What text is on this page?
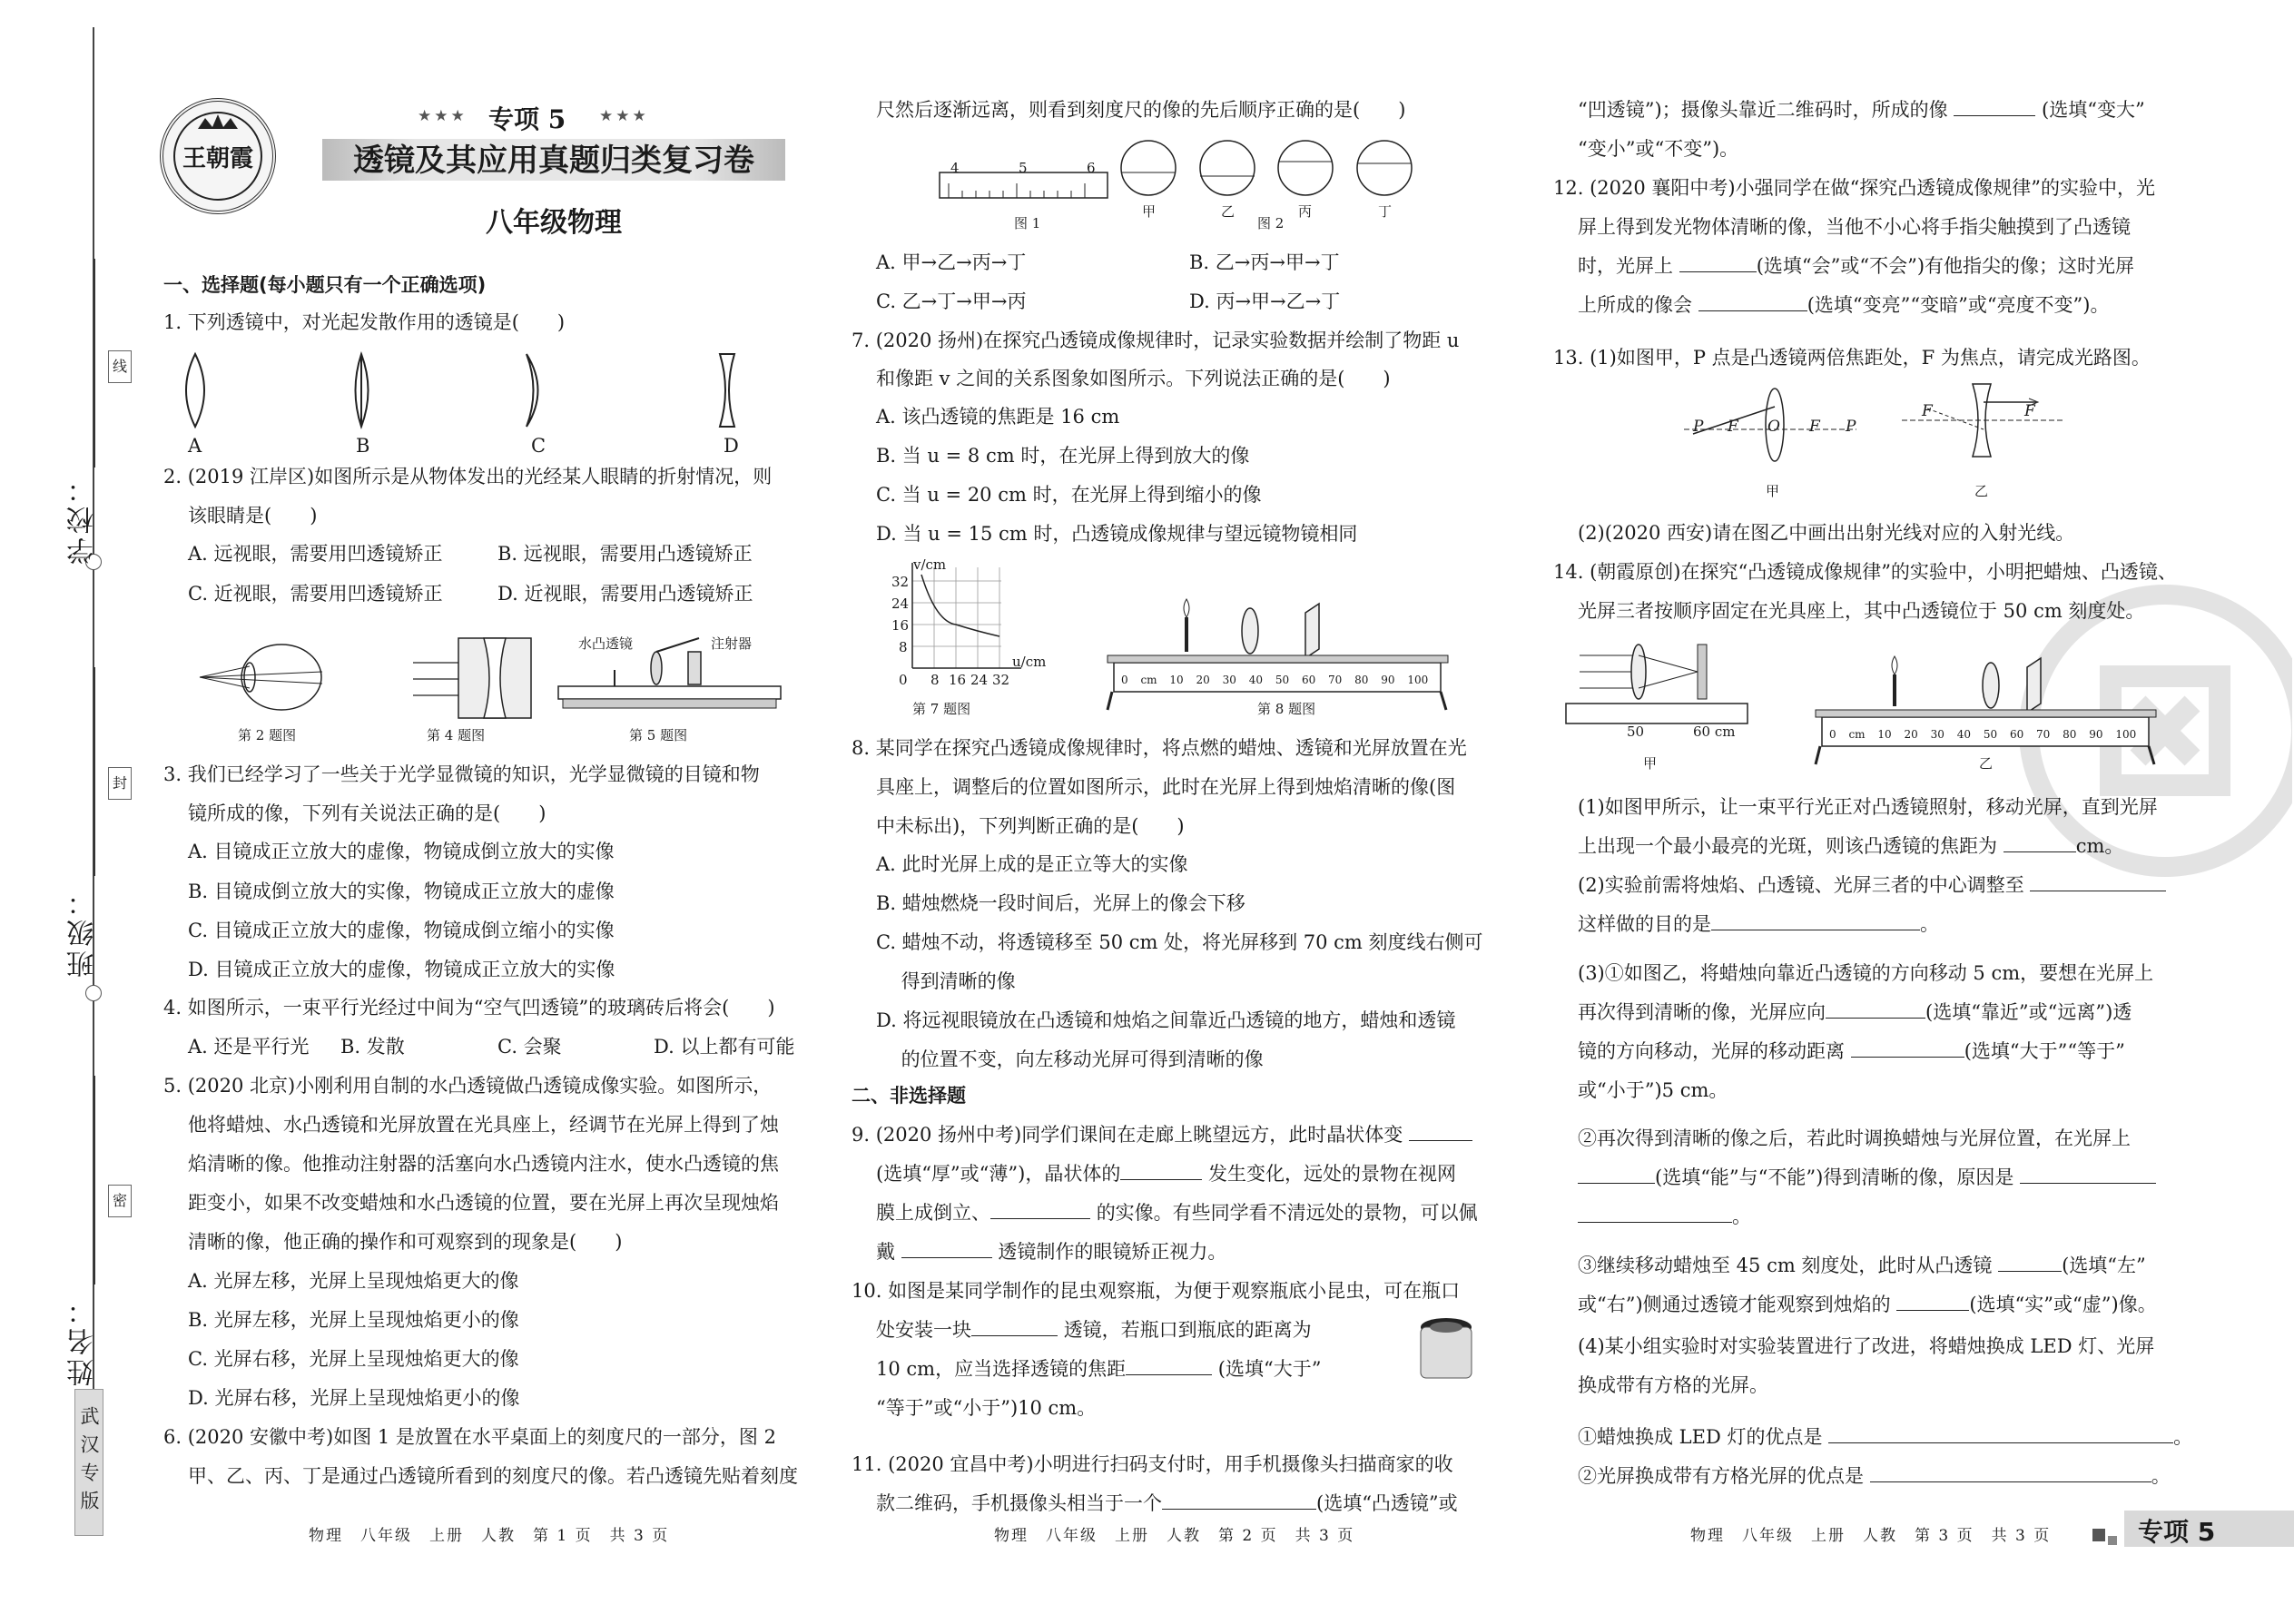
线
封
密
学校：
班级：
姓名：
武汉专版
王朝霞
★★★ 专项 5 ★★★
透镜及其应用真题归类复习卷
八年级物理
一、选择题(每小题只有一个正确选项)
1. 下列透镜中，对光起发散作用的透镜是(　　)
A	B	C	D
2. (2019 江岸区)如图所示是从物体发出的光经某人眼睛的折射情况，则
该眼睛是(　　)
A. 远视眼，需要用凹透镜矫正	B. 远视眼，需要用凸透镜矫正
C. 近视眼，需要用凹透镜矫正	D. 近视眼，需要用凸透镜矫正
水凸透镜	注射器
第 2 题图	第 4 题图	第 5 题图
3. 我们已经学习了一些关于光学显微镜的知识，光学显微镜的目镜和物
镜所成的像，下列有关说法正确的是(　　)
A. 目镜成正立放大的虚像，物镜成倒立放大的实像
B. 目镜成倒立放大的实像，物镜成正立放大的虚像
C. 目镜成正立放大的虚像，物镜成倒立缩小的实像
D. 目镜成正立放大的虚像，物镜成正立放大的实像
4. 如图所示，一束平行光经过中间为“空气凹透镜”的玻璃砖后将会(　　)
A. 还是平行光 B. 发散	C. 会聚	D. 以上都有可能
5. (2020 北京)小刚利用自制的水凸透镜做凸透镜成像实验。如图所示，
他将蜡烛、水凸透镜和光屏放置在光具座上，经调节在光屏上得到了烛
焰清晰的像。他推动注射器的活塞向水凸透镜内注水，使水凸透镜的焦
距变小，如果不改变蜡烛和水凸透镜的位置，要在光屏上再次呈现烛焰
清晰的像，他正确的操作和可观察到的现象是(　　)
A. 光屏左移，光屏上呈现烛焰更大的像
B. 光屏左移，光屏上呈现烛焰更小的像
C. 光屏右移，光屏上呈现烛焰更大的像
D. 光屏右移，光屏上呈现烛焰更小的像
6. (2020 安徽中考)如图 1 是放置在水平桌面上的刻度尺的一部分，图 2
甲、乙、丙、丁是通过凸透镜所看到的刻度尺的像。若凸透镜先贴着刻度
物理　八年级　上册　人教　第 1 页　共 3 页
尺然后逐渐远离，则看到刻度尺的像的先后顺序正确的是(　　)
4	5	6
图 1
甲	乙	丙	丁
图 2
A. 甲→乙→丙→丁	B. 乙→丙→甲→丁
C. 乙→丁→甲→丙	D. 丙→甲→乙→丁
7. (2020 扬州)在探究凸透镜成像规律时，记录实验数据并绘制了物距 u
和像距 v 之间的关系图象如图所示。下列说法正确的是(　　)
A. 该凸透镜的焦距是 16 cm
B. 当 u = 8 cm 时，在光屏上得到放大的像
C. 当 u = 20 cm 时，在光屏上得到缩小的像
D. 当 u = 15 cm 时，凸透镜成像规律与望远镜物镜相同
v/cm
u/cm
32
24
16
8
0 8 16 24 32
第 7 题图
0 cm 10 20 30 40 50 60 70 80 90 100
第 8 题图
8. 某同学在探究凸透镜成像规律时，将点燃的蜡烛、透镜和光屏放置在光
具座上，调整后的位置如图所示，此时在光屏上得到烛焰清晰的像(图
中未标出)，下列判断正确的是(　　)
A. 此时光屏上成的是正立等大的实像
B. 蜡烛燃烧一段时间后，光屏上的像会下移
C. 蜡烛不动，将透镜移至 50 cm 处，将光屏移到 70 cm 刻度线右侧可
　 得到清晰的像
D. 将远视眼镜放在凸透镜和烛焰之间靠近凸透镜的地方，蜡烛和透镜
　 的位置不变，向左移动光屏可得到清晰的像
二、非选择题
9. (2020 扬州中考)同学们课间在走廊上眺望远方，此时晶状体变
(选填“厚”或“薄”)，晶状体的	发生变化，远处的景物在视网
膜上成倒立、	的实像。有些同学看不清远处的景物，可以佩
戴	透镜制作的眼镜矫正视力。
10. 如图是某同学制作的昆虫观察瓶，为便于观察瓶底小昆虫，可在瓶口
处安装一块	透镜，若瓶口到瓶底的距离为
10 cm，应当选择透镜的焦距	(选填“大于”
“等于”或“小于”)10 cm。
11. (2020 宜昌中考)小明进行扫码支付时，用手机摄像头扫描商家的收
款二维码，手机摄像头相当于一个	(选填“凸透镜”或
物理　八年级　上册　人教　第 2 页　共 3 页
“凹透镜”)；摄像头靠近二维码时，所成的像	(选填“变大”
“变小”或“不变”)。
12. (2020 襄阳中考)小强同学在做“探究凸透镜成像规律”的实验中，光
屏上得到发光物体清晰的像，当他不小心将手指尖触摸到了凸透镜
时，光屏上	(选填“会”或“不会”)有他指尖的像；这时光屏
上所成的像会	(选填“变亮”“变暗”或“亮度不变”)。
13. (1)如图甲，P 点是凸透镜两倍焦距处，F 为焦点，请完成光路图。
P F O F P
F	F
甲	乙
(2)(2020 西安)请在图乙中画出出射光线对应的入射光线。
14. (朝霞原创)在探究“凸透镜成像规律”的实验中，小明把蜡烛、凸透镜、
光屏三者按顺序固定在光具座上，其中凸透镜位于 50 cm 刻度处。
50	60 cm
甲
0 cm 10 20 30 40 50 60 70 80 90 100
乙
(1)如图甲所示，让一束平行光正对凸透镜照射，移动光屏，直到光屏
上出现一个最小最亮的光斑，则该凸透镜的焦距为	cm。
(2)实验前需将烛焰、凸透镜、光屏三者的中心调整至
这样做的目的是	。
(3)①如图乙，将蜡烛向靠近凸透镜的方向移动 5 cm，要想在光屏上
再次得到清晰的像，光屏应向	(选填“靠近”或“远离”)透
镜的方向移动，光屏的移动距离	(选填“大于”“等于”
或“小于”)5 cm。
②再次得到清晰的像之后，若此时调换蜡烛与光屏位置，在光屏上
(选填“能”与“不能”)得到清晰的像，原因是
。
③继续移动蜡烛至 45 cm 刻度处，此时从凸透镜	(选填“左”
或“右”)侧通过透镜才能观察到烛焰的	(选填“实”或“虚”)像。
(4)某小组实验时对实验装置进行了改进，将蜡烛换成 LED 灯、光屏
换成带有方格的光屏。
①蜡烛换成 LED 灯的优点是	。
②光屏换成带有方格光屏的优点是	。
物理　八年级　上册　人教　第 3 页　共 3 页	专项 5
